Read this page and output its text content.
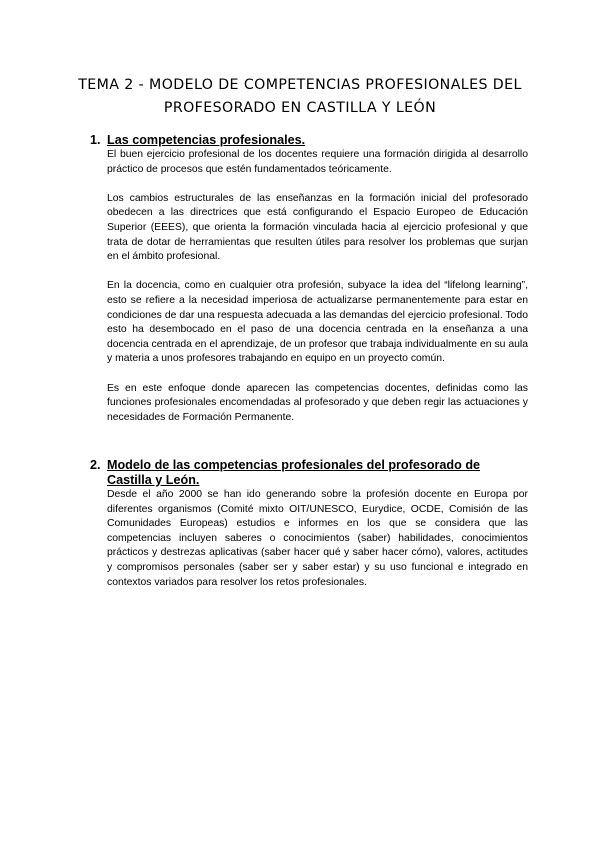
TEMA 2 - MODELO DE COMPETENCIAS PROFESIONALES DEL
PROFESORADO EN CASTILLA Y LEÓN
1. Las competencias profesionales.

El buen ejercicio profesional de los docentes requiere una formación dirigida al desarrollo práctico de procesos que estén fundamentados teóricamente.

Los cambios estructurales de las enseñanzas en la formación inicial del profesorado obedecen a las directrices que está configurando el Espacio Europeo de Educación Superior (EEES), que orienta la formación vinculada hacia al ejercicio profesional y que trata de dotar de herramientas que resulten útiles para resolver los problemas que surjan en el ámbito profesional.

En la docencia, como en cualquier otra profesión, subyace la idea del “lifelong learning”, esto se refiere a la necesidad imperiosa de actualizarse permanentemente para estar en condiciones de dar una respuesta adecuada a las demandas del ejercicio profesional. Todo esto ha desembocado en el paso de una docencia centrada en la enseñanza a una docencia centrada en el aprendizaje, de un profesor que trabaja individualmente en su aula y materia a unos profesores trabajando en equipo en un proyecto común.

Es en este enfoque donde aparecen las competencias docentes, definidas como las funciones profesionales encomendadas al profesorado y que deben regir las actuaciones y necesidades de Formación Permanente.

2. Modelo de las competencias profesionales del profesorado de Castilla y León.

Desde el año 2000 se han ido generando sobre la profesión docente en Europa por diferentes organismos (Comité mixto OIT/UNESCO, Eurydice, OCDE, Comisión de las Comunidades Europeas) estudios e informes en los que se considera que las competencias incluyen saberes o conocimientos (saber) habilidades, conocimientos prácticos y destrezas aplicativas (saber hacer qué y saber hacer cómo), valores, actitudes y compromisos personales (saber ser y saber estar) y su uso funcional e integrado en contextos variados para resolver los retos profesionales.
